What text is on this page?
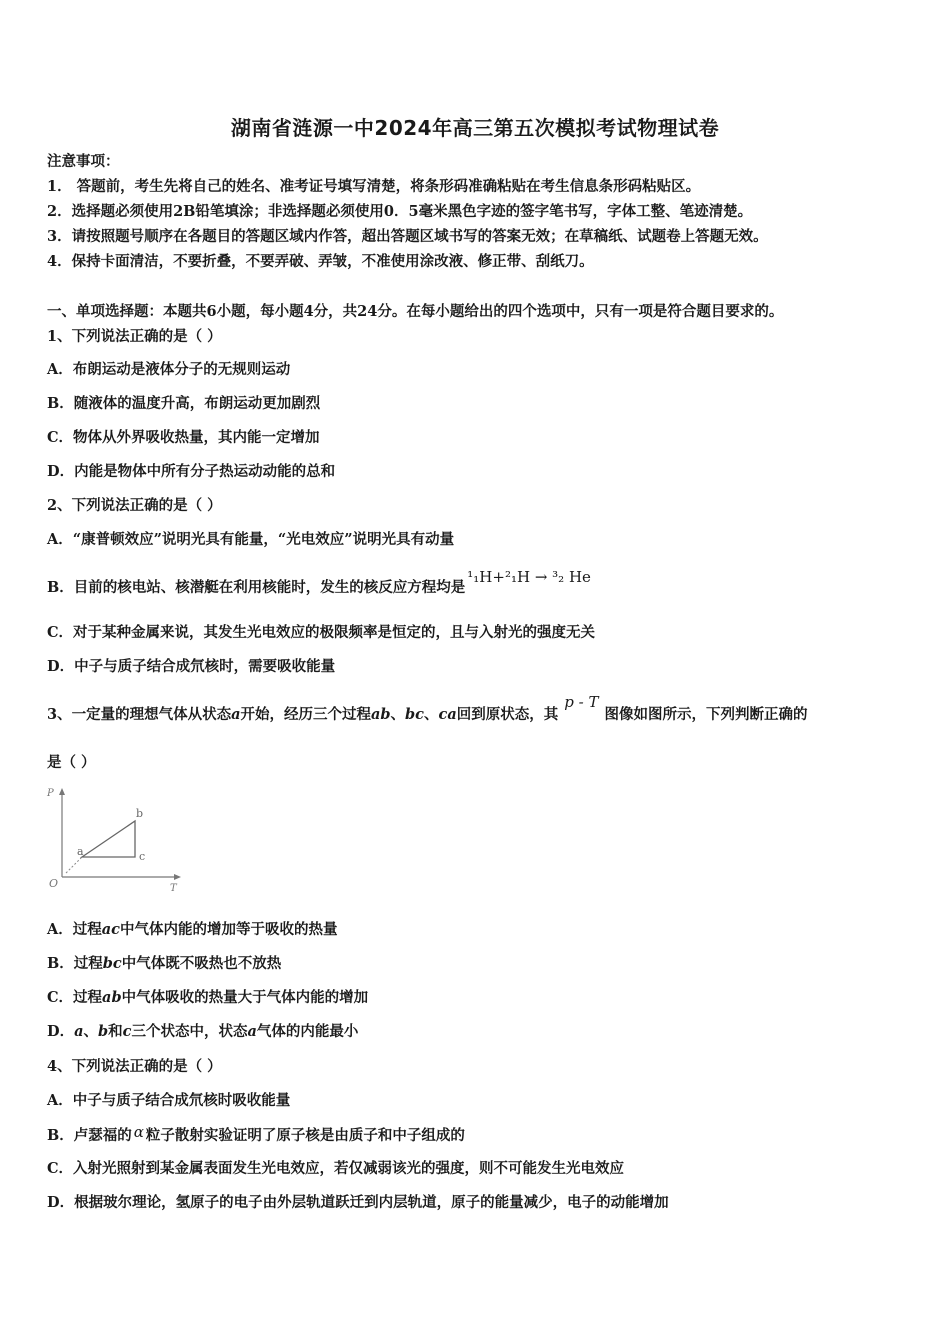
湖南省涟源一中2024年高三第五次模拟考试物理试卷
注意事项：
1． 答题前，考生先将自己的姓名、准考证号填写清楚，将条形码准确粘贴在考生信息条形码粘贴区。
2．选择题必须使用2B铅笔填涂；非选择题必须使用0．5毫米黑色字迹的签字笔书写，字体工整、笔迹清楚。
3．请按照题号顺序在各题目的答题区域内作答，超出答题区域书写的答案无效；在草稿纸、试题卷上答题无效。
4．保持卡面清洁，不要折叠，不要弄破、弄皱，不准使用涂改液、修正带、刮纸刀。
一、单项选择题：本题共6小题，每小题4分，共24分。在每小题给出的四个选项中，只有一项是符合题目要求的。
1、下列说法正确的是（ ）
A．布朗运动是液体分子的无规则运动
B．随液体的温度升高，布朗运动更加剧烈
C．物体从外界吸收热量，其内能一定增加
D．内能是物体中所有分子热运动动能的总和
2、下列说法正确的是（ ）
A．“康普顿效应”说明光具有能量，“光电效应”说明光具有动量
B．目前的核电站、核潜艇在利用核能时，发生的核反应方程均是¹₁H+²₁H → ³₂ He
C．对于某种金属来说，其发生光电效应的极限频率是恒定的，且与入射光的强度无关
D．中子与质子结合成氘核时，需要吸收能量
3、一定量的理想气体从状态a开始，经历三个过程ab、bc、ca回到原状态，其p - T图像如图所示，下列判断正确的
是（ ）
P
T
O
a
b
c
A．过程ac中气体内能的增加等于吸收的热量
B．过程bc中气体既不吸热也不放热
C．过程ab中气体吸收的热量大于气体内能的增加
D．a、b和c三个状态中，状态a气体的内能最小
4、下列说法正确的是（ ）
A．中子与质子结合成氘核时吸收能量
B．卢瑟福的 α 粒子散射实验证明了原子核是由质子和中子组成的
C．入射光照射到某金属表面发生光电效应，若仅减弱该光的强度，则不可能发生光电效应
D．根据玻尔理论，氢原子的电子由外层轨道跃迁到内层轨道，原子的能量减少，电子的动能增加
